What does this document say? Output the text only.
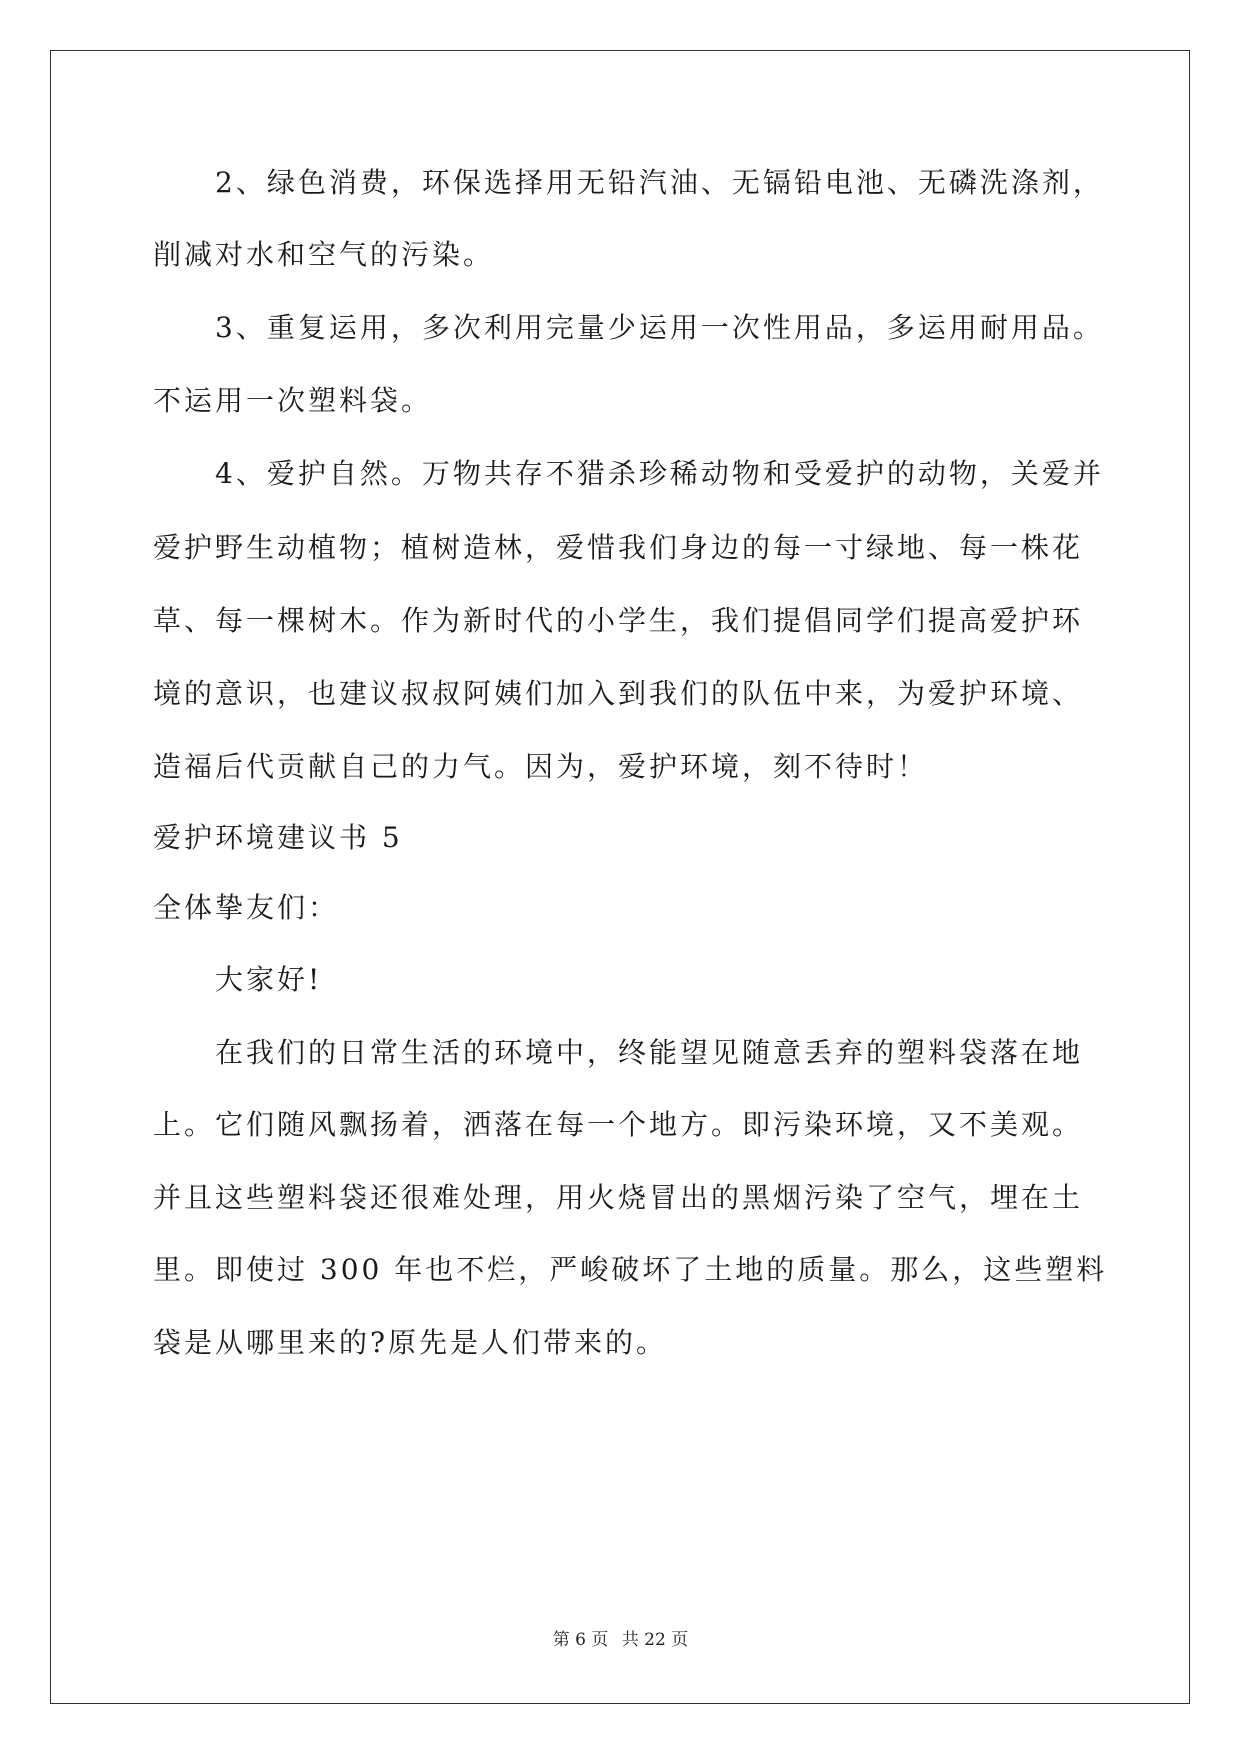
2、绿色消费，环保选择用无铅汽油、无镉铅电池、无磷洗涤剂，
削减对水和空气的污染。
3、重复运用，多次利用完量少运用一次性用品，多运用耐用品。
不运用一次塑料袋。
4、爱护自然。万物共存不猎杀珍稀动物和受爱护的动物，关爱并
爱护野生动植物；植树造林，爱惜我们身边的每一寸绿地、每一株花
草、每一棵树木。作为新时代的小学生，我们提倡同学们提高爱护环
境的意识，也建议叔叔阿姨们加入到我们的队伍中来，为爱护环境、
造福后代贡献自己的力气。因为，爱护环境，刻不待时！
爱护环境建议书 5
全体挚友们：
大家好!
在我们的日常生活的环境中，终能望见随意丢弃的塑料袋落在地
上。它们随风飘扬着，洒落在每一个地方。即污染环境，又不美观。
并且这些塑料袋还很难处理，用火烧冒出的黑烟污染了空气，埋在土
里。即使过 300 年也不烂，严峻破坏了土地的质量。那么，这些塑料
袋是从哪里来的?原先是人们带来的。
第 6 页 共 22 页
